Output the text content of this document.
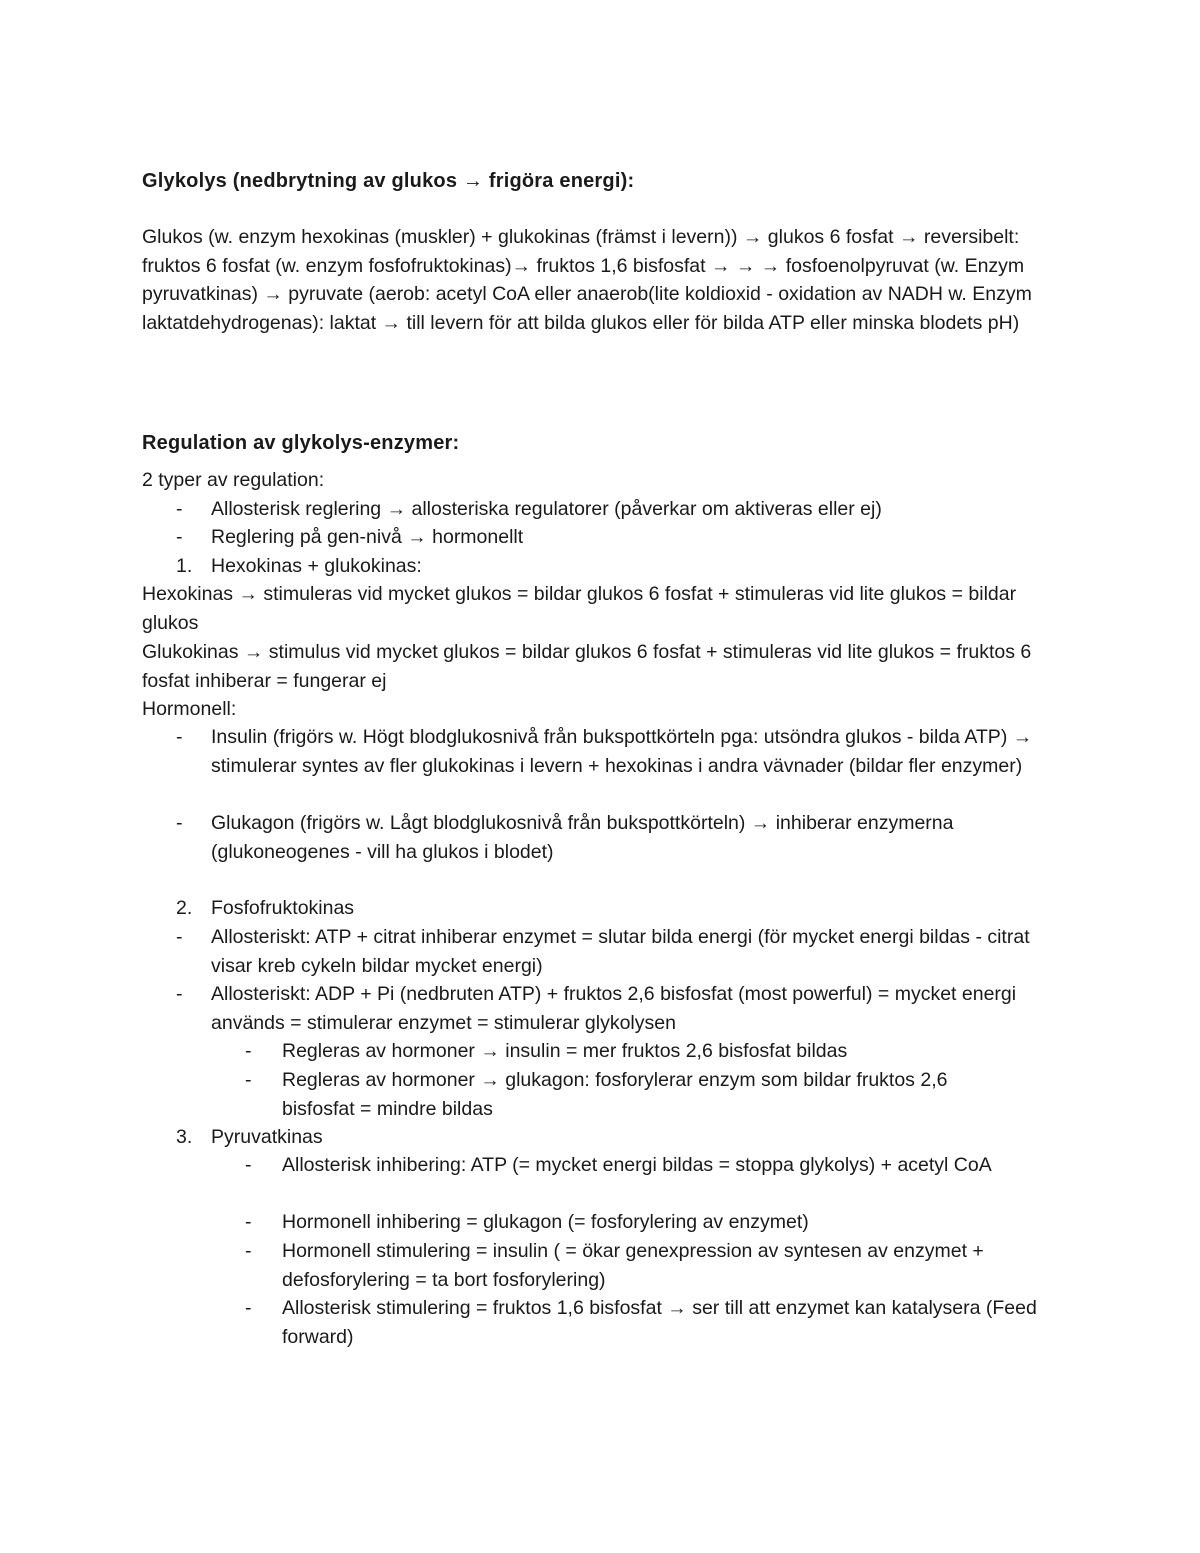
Glykolys (nedbrytning av glukos → frigöra energi):

Glukos (w. enzym hexokinas (muskler) + glukokinas (främst i levern)) → glukos 6 fosfat → reversibelt: fruktos 6 fosfat (w. enzym fosfofruktokinas)→ fruktos 1,6 bisfosfat → → → fosfoenolpyruvat (w. Enzym pyruvatkinas) → pyruvate (aerob: acetyl CoA eller anaerob(lite koldioxid - oxidation av NADH w. Enzym laktatdehydrogenas): laktat → till levern för att bilda glukos eller för bilda ATP eller minska blodets pH)

Regulation av glykolys-enzymer:
2 typer av regulation:
- Allosterisk reglering → allosteriska regulatorer (påverkar om aktiveras eller ej)
- Reglering på gen-nivå → hormonellt
1. Hexokinas + glukokinas:
Hexokinas → stimuleras vid mycket glukos = bildar glukos 6 fosfat + stimuleras vid lite glukos = bildar glukos
Glukokinas → stimulus vid mycket glukos = bildar glukos 6 fosfat + stimuleras vid lite glukos = fruktos 6 fosfat inhiberar = fungerar ej
Hormonell:
- Insulin (frigörs w. Högt blodglukosnivå från bukspottkörteln pga: utsöndra glukos - bilda ATP) → stimulerar syntes av fler glukokinas i levern + hexokinas i andra vävnader (bildar fler enzymer)
- Glukagon (frigörs w. Lågt blodglukosnivå från bukspottkörteln) → inhiberar enzymerna (glukoneogenes - vill ha glukos i blodet)
2. Fosfofruktokinas
- Allosteriskt: ATP + citrat inhiberar enzymet = slutar bilda energi (för mycket energi bildas - citrat visar kreb cykeln bildar mycket energi)
- Allosteriskt: ADP + Pi (nedbruten ATP) + fruktos 2,6 bisfosfat (most powerful) = mycket energi används = stimulerar enzymet = stimulerar glykolysen
- Regleras av hormoner → insulin = mer fruktos 2,6 bisfosfat bildas
- Regleras av hormoner → glukagon: fosforylerar enzym som bildar fruktos 2,6 bisfosfat = mindre bildas
3. Pyruvatkinas
- Allosterisk inhibering: ATP (= mycket energi bildas = stoppa glykolys) + acetyl CoA
- Hormonell inhibering = glukagon (= fosforylering av enzymet)
- Hormonell stimulering = insulin ( = ökar genexpression av syntesen av enzymet + defosforylering = ta bort fosforylering)
- Allosterisk stimulering = fruktos 1,6 bisfosfat → ser till att enzymet kan katalysera (Feed forward)
